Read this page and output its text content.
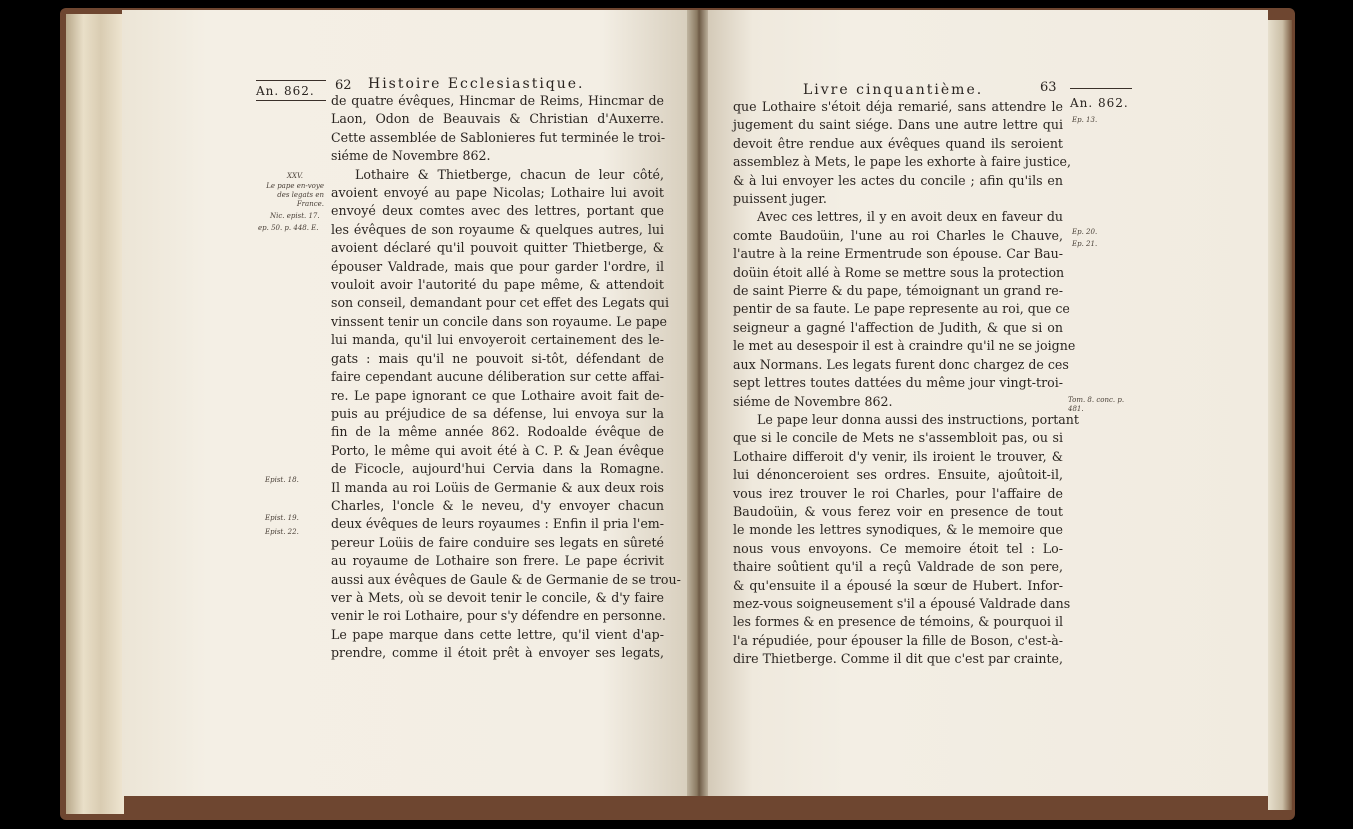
An. 862. 62 Histoire Ecclesiastique.
XXV.
Le pape en-voye des legats en France.
Nic. epist. 17.
ep. 50. p. 448. E.
Epist. 18.
Epist. 19.
Epist. 22.
de quatre évêques, Hincmar de Reims, Hincmar de
Laon, Odon de Beauvais & Christian d'Auxerre.
Cette assemblée de Sablonieres fut terminée le troi-
siéme de Novembre 862.
Lothaire & Thietberge, chacun de leur côté,
avoient envoyé au pape Nicolas; Lothaire lui avoit
envoyé deux comtes avec des lettres, portant que
les évêques de son royaume & quelques autres, lui
avoient déclaré qu'il pouvoit quitter Thietberge, &
épouser Valdrade, mais que pour garder l'ordre, il
vouloit avoir l'autorité du pape même, & attendoit
son conseil, demandant pour cet effet des Legats qui
vinssent tenir un concile dans son royaume. Le pape
lui manda, qu'il lui envoyeroit certainement des le-
gats : mais qu'il ne pouvoit si-tôt, défendant de
faire cependant aucune déliberation sur cette affai-
re. Le pape ignorant ce que Lothaire avoit fait de-
puis au préjudice de sa défense, lui envoya sur la
fin de la même année 862. Rodoalde évêque de
Porto, le même qui avoit été à C. P. & Jean évêque
de Ficocle, aujourd'hui Cervia dans la Romagne.
Il manda au roi Loüis de Germanie & aux deux rois
Charles, l'oncle & le neveu, d'y envoyer chacun
deux évêques de leurs royaumes : Enfin il pria l'em-
pereur Loüis de faire conduire ses legats en sûreté
au royaume de Lothaire son frere. Le pape écrivit
aussi aux évêques de Gaule & de Germanie de se trou-
ver à Mets, où se devoit tenir le concile, & d'y faire
venir le roi Lothaire, pour s'y défendre en personne.
Le pape marque dans cette lettre, qu'il vient d'ap-
prendre, comme il étoit prêt à envoyer ses legats,
Livre cinquantième.	63
An. 862.
Ep. 13.
Ep. 20.
Ep. 21.
Tom. 8. conc. p. 481.
que Lothaire s'étoit déja remarié, sans attendre le
jugement du saint siége. Dans une autre lettre qui
devoit être rendue aux évêques quand ils seroient
assemblez à Mets, le pape les exhorte à faire justice,
& à lui envoyer les actes du concile ; afin qu'ils en
puissent juger.
Avec ces lettres, il y en avoit deux en faveur du
comte Baudoüin, l'une au roi Charles le Chauve,
l'autre à la reine Ermentrude son épouse. Car Bau-
doüin étoit allé à Rome se mettre sous la protection
de saint Pierre & du pape, témoignant un grand re-
pentir de sa faute. Le pape represente au roi, que ce
seigneur a gagné l'affection de Judith, & que si on
le met au desespoir il est à craindre qu'il ne se joigne
aux Normans. Les legats furent donc chargez de ces
sept lettres toutes dattées du même jour vingt-troi-
siéme de Novembre 862.
Le pape leur donna aussi des instructions, portant
que si le concile de Mets ne s'assembloit pas, ou si
Lothaire differoit d'y venir, ils iroient le trouver, &
lui dénonceroient ses ordres. Ensuite, ajoûtoit-il,
vous irez trouver le roi Charles, pour l'affaire de
Baudoüin, & vous ferez voir en presence de tout
le monde les lettres synodiques, & le memoire que
nous vous envoyons. Ce memoire étoit tel : Lo-
thaire soûtient qu'il a reçû Valdrade de son pere,
& qu'ensuite il a épousé la sœur de Hubert. Infor-
mez-vous soigneusement s'il a épousé Valdrade dans
les formes & en presence de témoins, & pourquoi il
l'a répudiée, pour épouser la fille de Boson, c'est-à-
dire Thietberge. Comme il dit que c'est par crainte,
